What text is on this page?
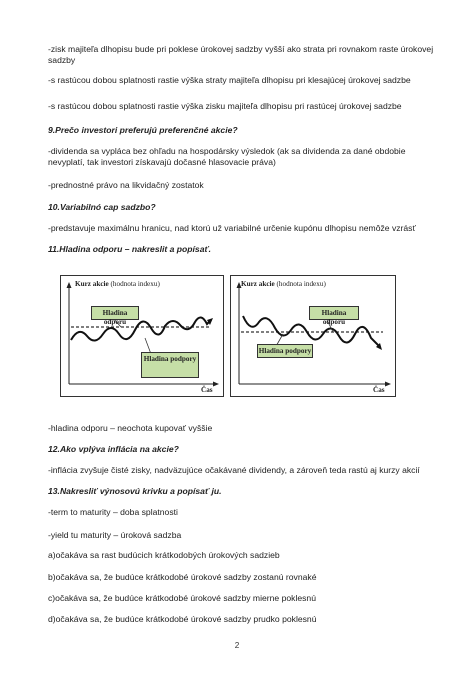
-zisk majiteľa dlhopisu bude pri poklese úrokovej sadzby vyšší ako strata pri rovnakom raste úrokovej sadzby
-s rastúcou dobou splatnosti rastie výška straty majiteľa dlhopisu pri klesajúcej úrokovej sadzbe
-s rastúcou dobou splatnosti rastie výška zisku majiteľa dlhopisu pri rastúcej úrokovej sadzbe
9.Prečo investori preferujú preferenčné akcie?
-dividenda sa vypláca bez ohľadu na hospodársky výsledok (ak sa dividenda za dané obdobie nevyplatí, tak investori získavajú dočasné hlasovacie práva)
-prednostné právo na likvidačný zostatok
10.Variabilnó cap sadzbo?
-predstavuje maximálnu hranicu, nad ktorú už variabilné určenie kupónu dlhopisu nemôže vzrásť
11.Hladina odporu – nakreslit a popísať.
Kurz akcie (hodnota indexu)
Hladina odporu
Hladina podpory
Čas
Kurz akcie (hodnota indexu)
Hladina odporu
Hladina podpory
Čas
-hladina odporu – neochota kupovať vyššie
12.Ako vplýva inflácia na akcie?
-inflácia zvyšuje čisté zisky, nadväzujúce očakávané dividendy, a zároveň teda rastú aj kurzy akcií
13.Nakresliť výnosovú krivku a popísať ju.
-term to maturity – doba splatnosti
-yield tu maturity – úroková sadzba
a)očakáva sa rast budúcich krátkodobých úrokových sadzieb
b)očakáva sa, že budúce krátkodobé úrokové sadzby zostanú rovnaké
c)očakáva sa, že budúce krátkodobé úrokové sadzby mierne poklesnú
d)očakáva sa, že budúce krátkodobé úrokové sadzby prudko poklesnú
2
